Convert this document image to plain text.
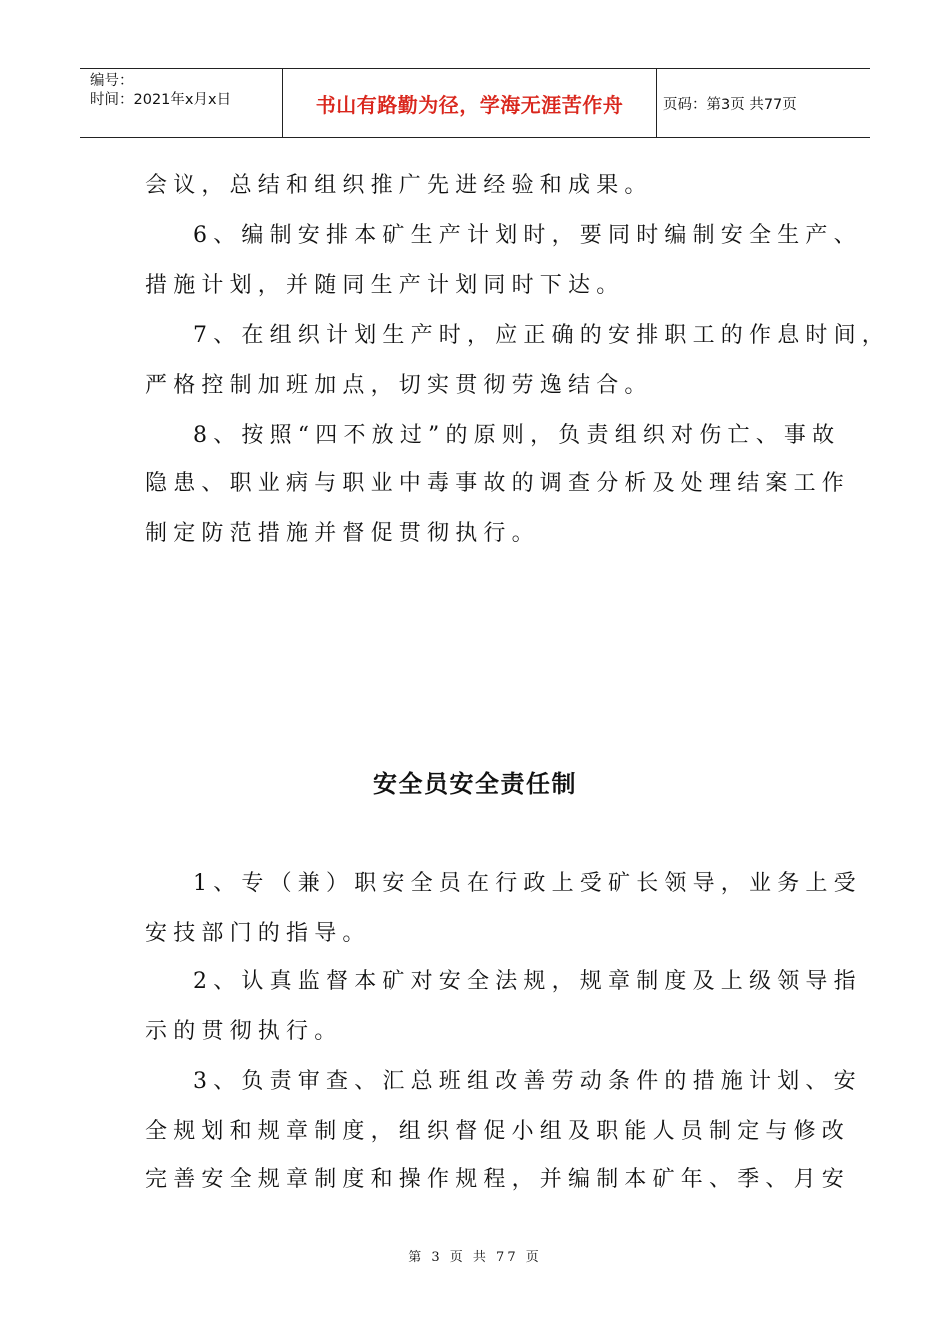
编号：
时间：2021年x月x日	书山有路勤为径，学海无涯苦作舟	页码：第3页 共77页
会议，总结和组织推广先进经验和成果。
6、编制安排本矿生产计划时，要同时编制安全生产、
措施计划，并随同生产计划同时下达。
7、在组织计划生产时，应正确的安排职工的作息时间，
严格控制加班加点，切实贯彻劳逸结合。
8、按照“四不放过”的原则，负责组织对伤亡、事故
隐患、职业病与职业中毒事故的调查分析及处理结案工作
制定防范措施并督促贯彻执行。
安全员安全责任制
1、专（兼）职安全员在行政上受矿长领导，业务上受
安技部门的指导。
2、认真监督本矿对安全法规，规章制度及上级领导指
示的贯彻执行。
3、负责审查、汇总班组改善劳动条件的措施计划、安
全规划和规章制度，组织督促小组及职能人员制定与修改
完善安全规章制度和操作规程，并编制本矿年、季、月安
第 3 页 共 77 页
